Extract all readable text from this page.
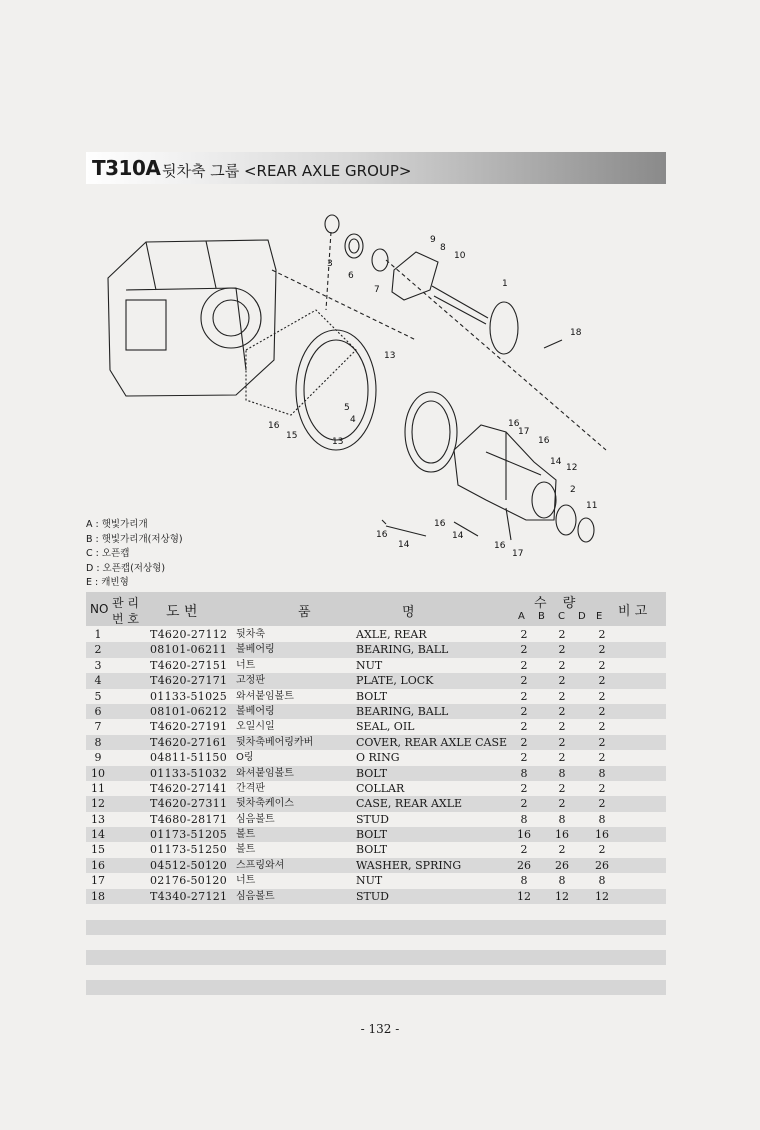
T310A 뒷차축 그룹 <REAR AXLE GROUP>
3
6
7
9
8
10
1
18
13
5
4
16
15
13
16
17
16
14
12
2
11
16
14
16
14
16
17
A : 햇빛가리개
B : 햇빛가리개(저상형)
C : 오픈캡
D : 오픈캡(저상형)
E : 캐빈형
NO 관 리
번 호 도 번	품	명
수 량
A B C D E 비 고
1	T4620-27112 뒷차축	AXLE, REAR	2	2	2
2	08101-06211 볼베어링	BEARING, BALL	2	2	2
3	T4620-27151 너트	NUT	2	2	2
4	T4620-27171 고정판	PLATE, LOCK	2	2	2
5	01133-51025 와셔붙임볼트	BOLT	2	2	2
6	08101-06212 볼베어링	BEARING, BALL	2	2	2
7	T4620-27191 오일시일	SEAL, OIL	2	2	2
8	T4620-27161 뒷차축베어링카버	COVER, REAR AXLE CASE	2	2	2
9	04811-51150 O링	O RING	2	2	2
10	01133-51032 와셔붙임볼트	BOLT	8	8	8
11	T4620-27141 간격판	COLLAR	2	2	2
12	T4620-27311 뒷차축케이스	CASE, REAR AXLE	2	2	2
13	T4680-28171 심음볼트	STUD	8	8	8
14	01173-51205 볼트	BOLT	16 16 16
15	01173-51250 볼트	BOLT	2	2	2
16	04512-50120 스프링와셔	WASHER, SPRING	26 26 26
17	02176-50120 너트	NUT	8	8	8
18	T4340-27121 심음볼트	STUD	12 12 12
- 132 -
